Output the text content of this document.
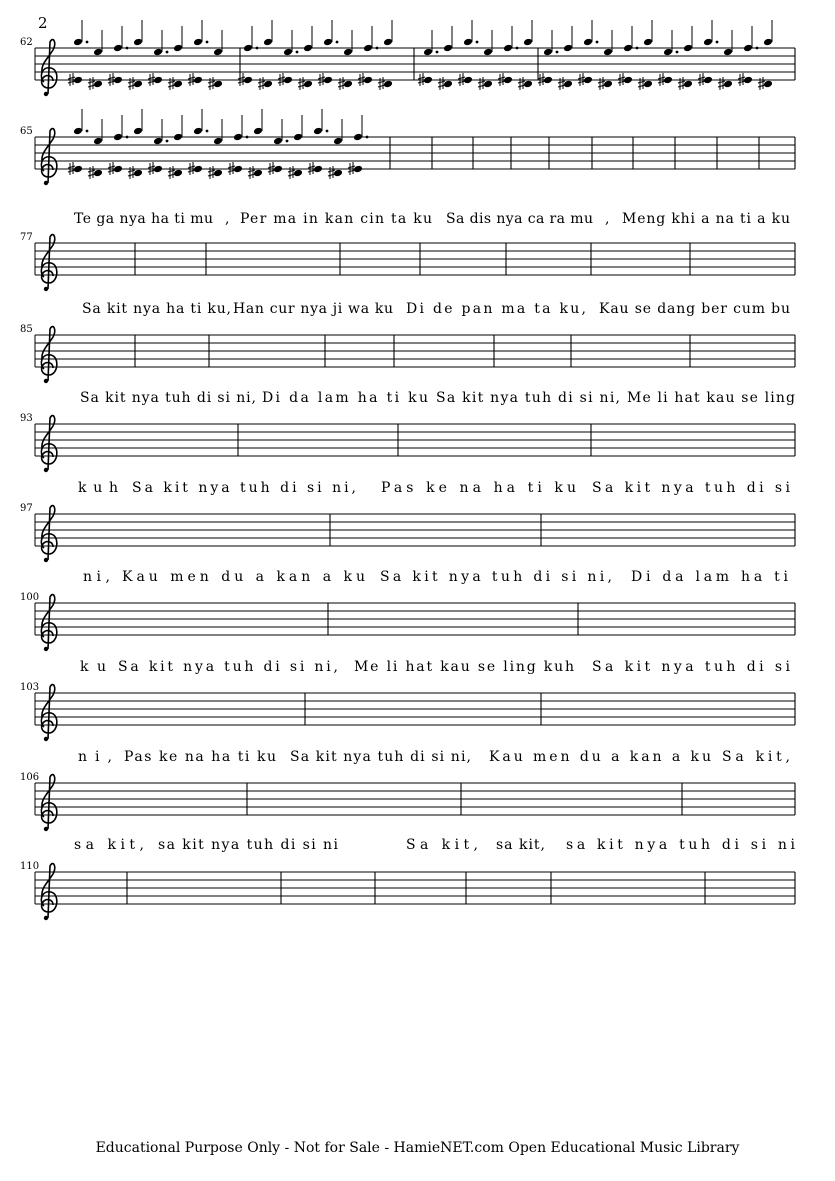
2
62
65
77
Te ga nya ha ti mu , Per ma in kan cin ta ku Sa dis nya ca ra mu , Meng khi a na ti a ku
85
Sa kit nya ha ti ku, Han cur nya ji wa ku Di de pan ma ta ku, Kau se dang ber cum bu
93
Sa kit nya tuh di si ni, Di da lam ha ti ku Sa kit nya tuh di si ni, Me li hat kau se ling
97
kuh Sa kit nya tuh di si ni, Pas ke na ha ti ku Sa kit nya tuh di si
100
ni, Kau men du a kan a ku Sa kit nya tuh di si ni, Di da lam ha ti
103
ku Sa kit nya tuh di si ni, Me li hat kau se ling kuh Sa kit nya tuh di si
106
ni, Pas ke na ha ti ku Sa kit nya tuh di si ni, Kau men du a kan a ku Sa kit,
110
sa kit, sa kit nya tuh di si ni	Sa kit, sa kit, sa kit nya tuh di si ni
Educational Purpose Only - Not for Sale - HamieNET.com Open Educational Music Library
